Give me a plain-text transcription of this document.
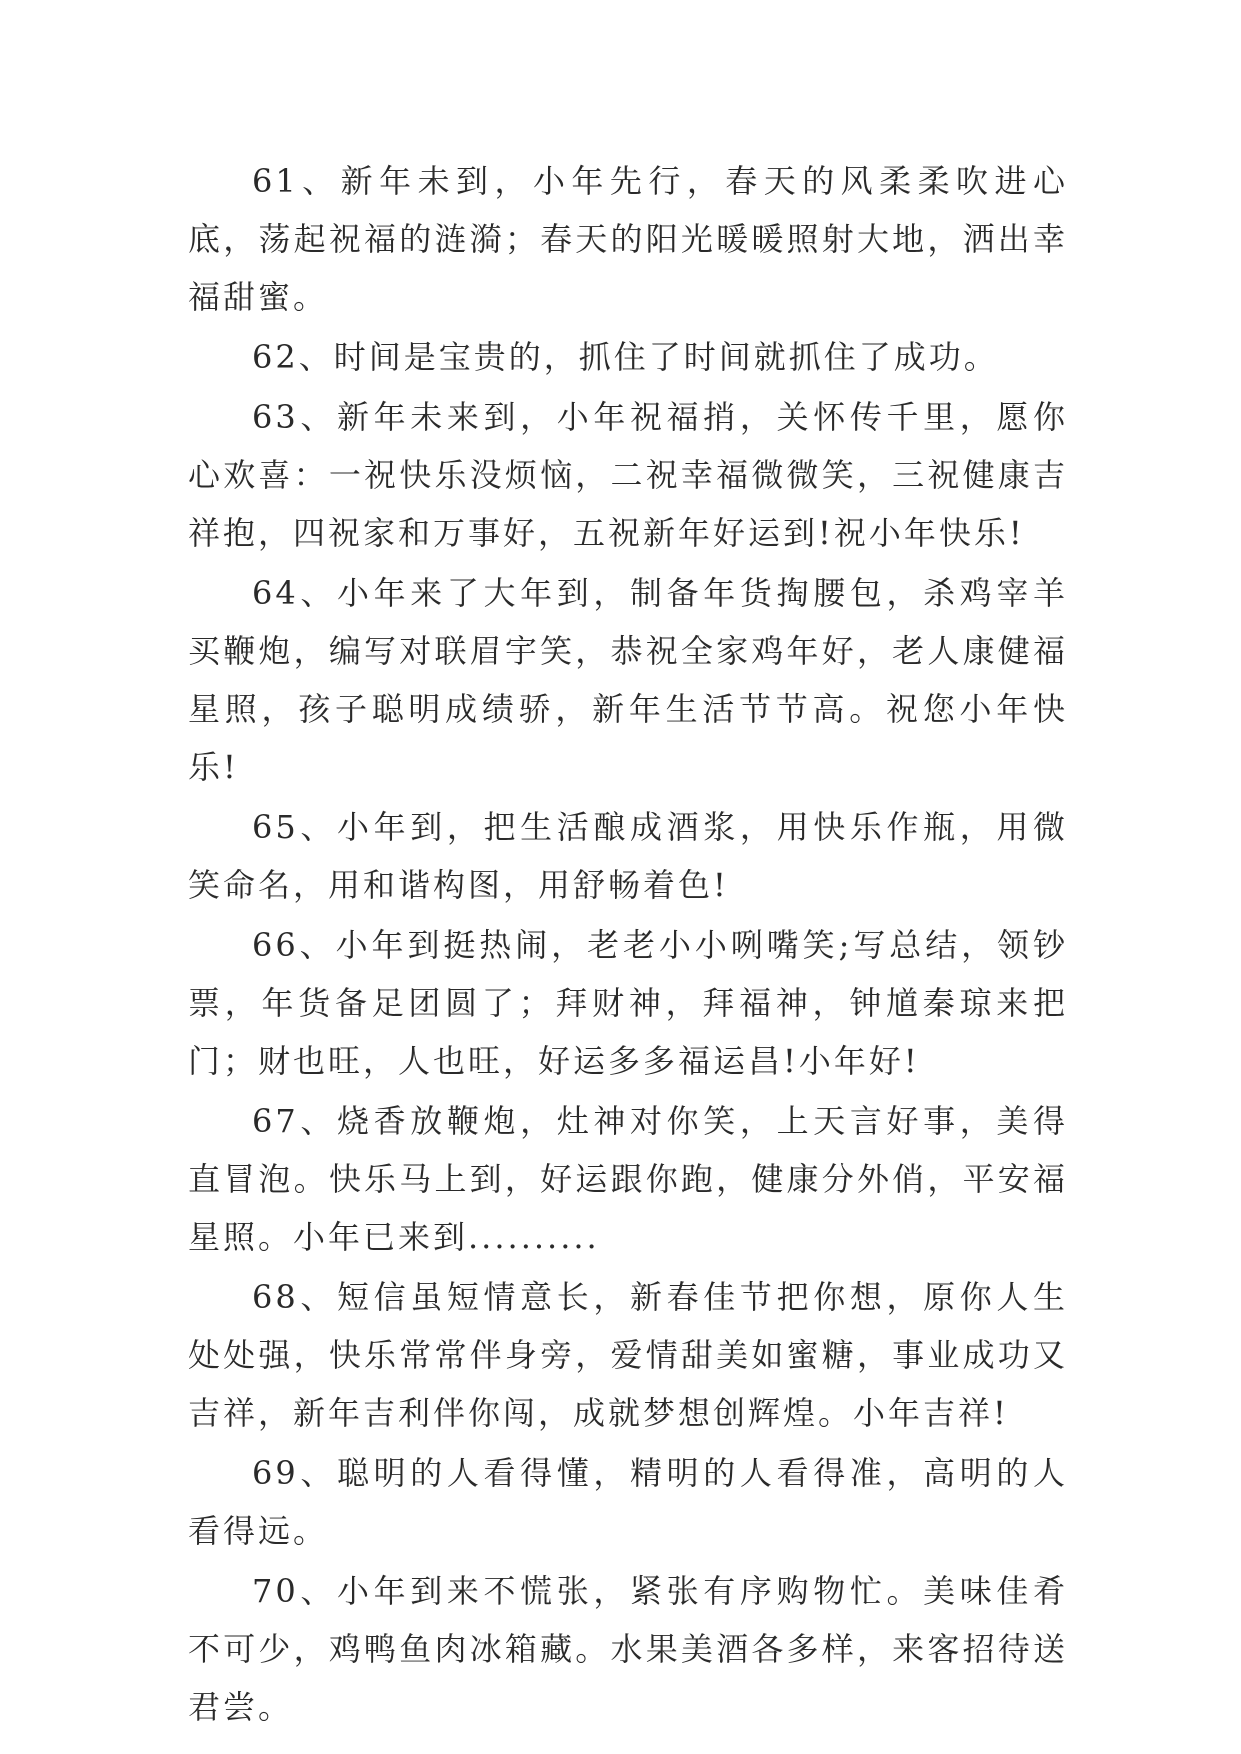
61、新年未到，小年先行，春天的风柔柔吹进心底，荡起祝福的涟漪；春天的阳光暖暖照射大地，洒出幸福甜蜜。

62、时间是宝贵的，抓住了时间就抓住了成功。

63、新年未来到，小年祝福捎，关怀传千里，愿你心欢喜：一祝快乐没烦恼，二祝幸福微微笑，三祝健康吉祥抱，四祝家和万事好，五祝新年好运到!祝小年快乐!

64、小年来了大年到，制备年货掏腰包，杀鸡宰羊买鞭炮，编写对联眉宇笑，恭祝全家鸡年好，老人康健福星照，孩子聪明成绩骄，新年生活节节高。祝您小年快乐!

65、小年到，把生活酿成酒浆，用快乐作瓶，用微笑命名，用和谐构图，用舒畅着色!

66、小年到挺热闹，老老小小咧嘴笑;写总结，领钞票，年货备足团圆了；拜财神，拜福神，钟馗秦琼来把门；财也旺，人也旺，好运多多福运昌!小年好!

67、烧香放鞭炮，灶神对你笑，上天言好事，美得直冒泡。快乐马上到，好运跟你跑，健康分外俏，平安福星照。小年已来到..........

68、短信虽短情意长，新春佳节把你想，原你人生处处强，快乐常常伴身旁，爱情甜美如蜜糖，事业成功又吉祥，新年吉利伴你闯，成就梦想创辉煌。小年吉祥!

69、聪明的人看得懂，精明的人看得准，高明的人看得远。

70、小年到来不慌张，紧张有序购物忙。美味佳肴不可少，鸡鸭鱼肉冰箱藏。水果美酒各多样，来客招待送君尝。
